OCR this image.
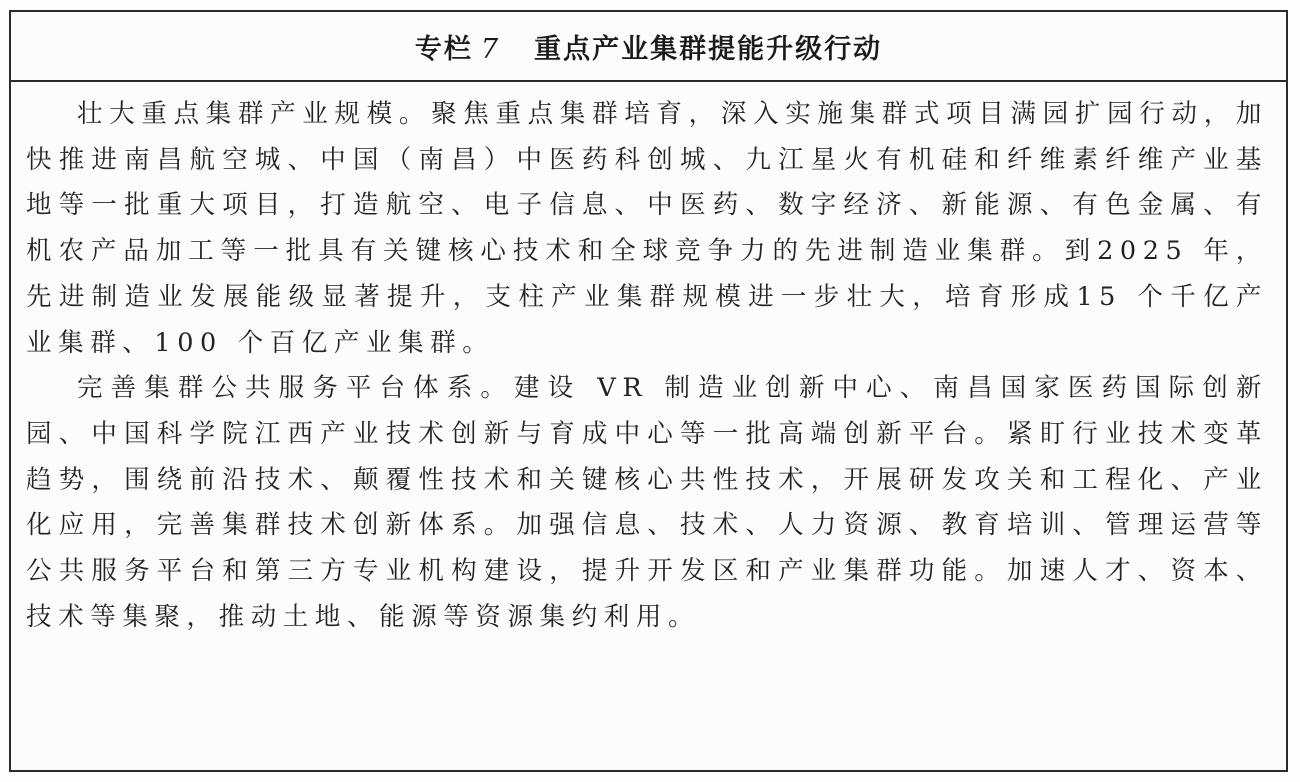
专栏 7 重点产业集群提能升级行动

壮大重点集群产业规模。聚焦重点集群培育，深入实施集群式项目满园扩园行动，加快推进南昌航空城、中国（南昌）中医药科创城、九江星火有机硅和纤维素纤维产业基地等一批重大项目，打造航空、电子信息、中医药、数字经济、新能源、有色金属、有机农产品加工等一批具有关键核心技术和全球竞争力的先进制造业集群。到2025 年，先进制造业发展能级显著提升，支柱产业集群规模进一步壮大，培育形成15 个千亿产业集群、100 个百亿产业集群。

完善集群公共服务平台体系。建设 VR 制造业创新中心、南昌国家医药国际创新园、中国科学院江西产业技术创新与育成中心等一批高端创新平台。紧盯行业技术变革趋势，围绕前沿技术、颠覆性技术和关键核心共性技术，开展研发攻关和工程化、产业化应用，完善集群技术创新体系。加强信息、技术、人力资源、教育培训、管理运营等公共服务平台和第三方专业机构建设，提升开发区和产业集群功能。加速人才、资本、技术等集聚，推动土地、能源等资源集约利用。
